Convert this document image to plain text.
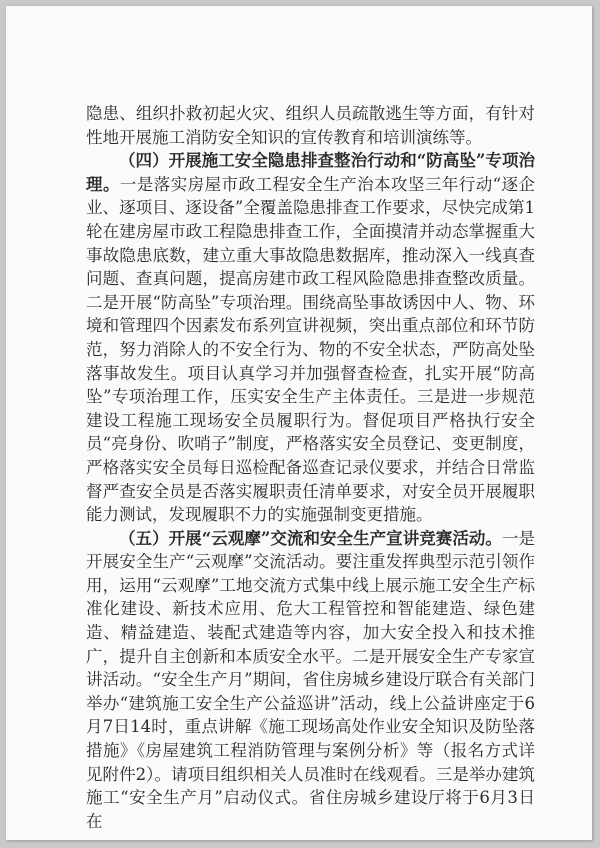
隐患、组织扑救初起火灾、组织人员疏散逃生等方面，有针对性地开展施工消防安全知识的宣传教育和培训演练等。

（四）开展施工安全隐患排查整治行动和“防高坠”专项治理。一是落实房屋市政工程安全生产治本攻坚三年行动“逐企业、逐项目、逐设备”全覆盖隐患排查工作要求，尽快完成第1轮在建房屋市政工程隐患排查工作，全面摸清并动态掌握重大事故隐患底数，建立重大事故隐患数据库，推动深入一线真查问题、查真问题，提高房建市政工程风险隐患排查整改质量。二是开展“防高坠”专项治理。围绕高坠事故诱因中人、物、环境和管理四个因素发布系列宣讲视频，突出重点部位和环节防范，努力消除人的不安全行为、物的不安全状态，严防高处坠落事故发生。项目认真学习并加强督查检查，扎实开展“防高坠”专项治理工作，压实安全生产主体责任。三是进一步规范建设工程施工现场安全员履职行为。督促项目严格执行安全员“亮身份、吹哨子”制度，严格落实安全员登记、变更制度，严格落实安全员每日巡检配备巡查记录仪要求，并结合日常监督严查安全员是否落实履职责任清单要求，对安全员开展履职能力测试，发现履职不力的实施强制变更措施。

（五）开展“云观摩”交流和安全生产宣讲竞赛活动。一是开展安全生产“云观摩”交流活动。要注重发挥典型示范引领作用，运用“云观摩”工地交流方式集中线上展示施工安全生产标准化建设、新技术应用、危大工程管控和智能建造、绿色建造、精益建造、装配式建造等内容，加大安全投入和技术推广，提升自主创新和本质安全水平。二是开展安全生产专家宣讲活动。“安全生产月”期间，省住房城乡建设厅联合有关部门举办“建筑施工安全生产公益巡讲”活动，线上公益讲座定于6月7日14时，重点讲解《施工现场高处作业安全知识及防坠落措施》《房屋建筑工程消防管理与案例分析》等（报名方式详见附件2）。请项目组织相关人员准时在线观看。三是举办建筑施工“安全生产月”启动仪式。省住房城乡建设厅将于6月3日在
